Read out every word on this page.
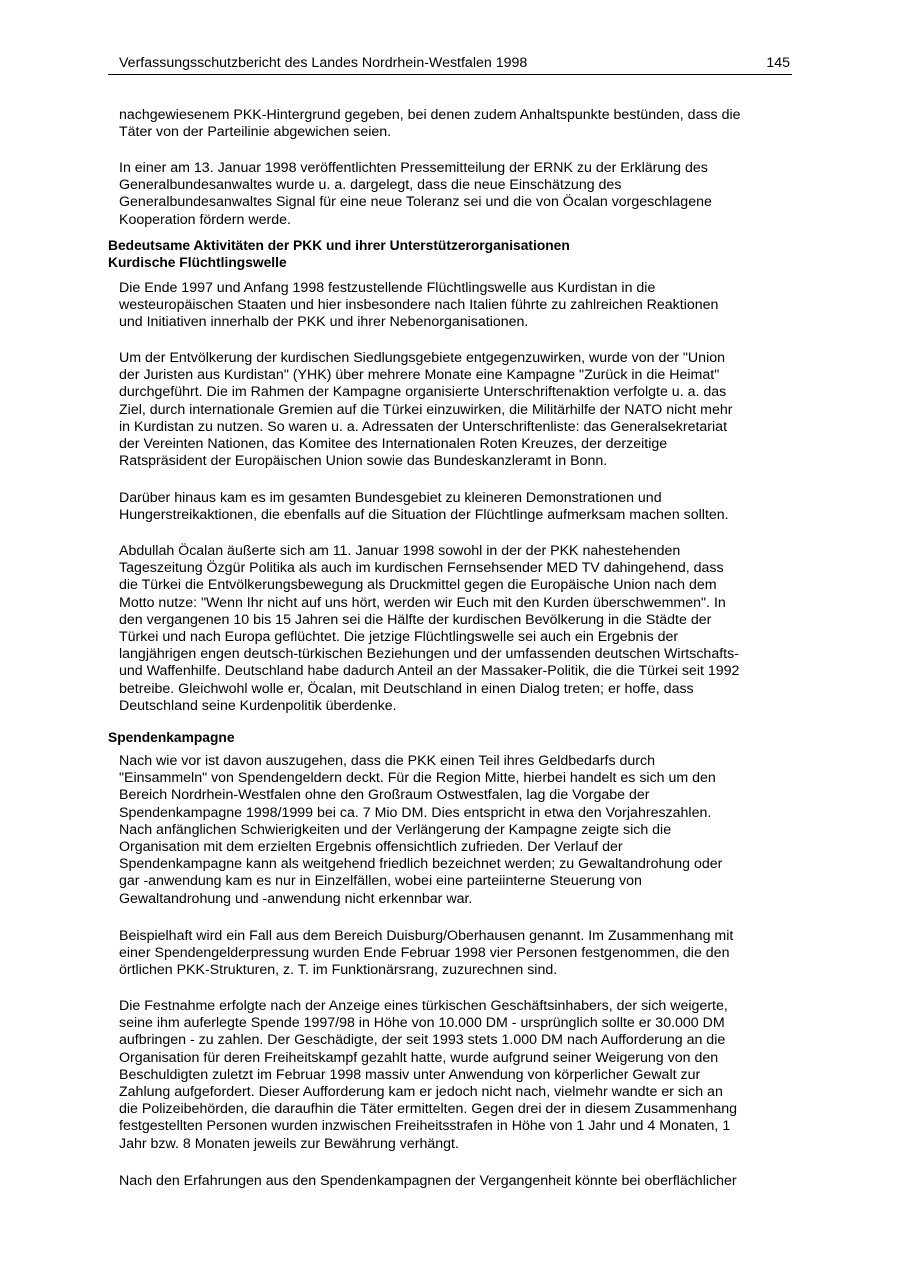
Verfassungsschutzbericht des Landes Nordrhein-Westfalen 1998	145

nachgewiesenem PKK-Hintergrund gegeben, bei denen zudem Anhaltspunkte bestünden, dass die
Täter von der Parteilinie abgewichen seien.

In einer am 13. Januar 1998 veröffentlichten Pressemitteilung der ERNK zu der Erklärung des
Generalbundesanwaltes wurde u. a. dargelegt, dass die neue Einschätzung des
Generalbundesanwaltes Signal für eine neue Toleranz sei und die von Öcalan vorgeschlagene
Kooperation fördern werde.

Bedeutsame Aktivitäten der PKK und ihrer Unterstützerorganisationen
Kurdische Flüchtlingswelle

Die Ende 1997 und Anfang 1998 festzustellende Flüchtlingswelle aus Kurdistan in die
westeuropäischen Staaten und hier insbesondere nach Italien führte zu zahlreichen Reaktionen
und Initiativen innerhalb der PKK und ihrer Nebenorganisationen.

Um der Entvölkerung der kurdischen Siedlungsgebiete entgegenzuwirken, wurde von der "Union
der Juristen aus Kurdistan" (YHK) über mehrere Monate eine Kampagne "Zurück in die Heimat"
durchgeführt. Die im Rahmen der Kampagne organisierte Unterschriftenaktion verfolgte u. a. das
Ziel, durch internationale Gremien auf die Türkei einzuwirken, die Militärhilfe der NATO nicht mehr
in Kurdistan zu nutzen. So waren u. a. Adressaten der Unterschriftenliste: das Generalsekretariat
der Vereinten Nationen, das Komitee des Internationalen Roten Kreuzes, der derzeitige
Ratspräsident der Europäischen Union sowie das Bundeskanzleramt in Bonn.

Darüber hinaus kam es im gesamten Bundesgebiet zu kleineren Demonstrationen und
Hungerstreikaktionen, die ebenfalls auf die Situation der Flüchtlinge aufmerksam machen sollten.

Abdullah Öcalan äußerte sich am 11. Januar 1998 sowohl in der der PKK nahestehenden
Tageszeitung Özgür Politika als auch im kurdischen Fernsehsender MED TV dahingehend, dass
die Türkei die Entvölkerungsbewegung als Druckmittel gegen die Europäische Union nach dem
Motto nutze: "Wenn Ihr nicht auf uns hört, werden wir Euch mit den Kurden überschwemmen". In
den vergangenen 10 bis 15 Jahren sei die Hälfte der kurdischen Bevölkerung in die Städte der
Türkei und nach Europa geflüchtet. Die jetzige Flüchtlingswelle sei auch ein Ergebnis der
langjährigen engen deutsch-türkischen Beziehungen und der umfassenden deutschen Wirtschafts-
und Waffenhilfe. Deutschland habe dadurch Anteil an der Massaker-Politik, die die Türkei seit 1992
betreibe. Gleichwohl wolle er, Öcalan, mit Deutschland in einen Dialog treten; er hoffe, dass
Deutschland seine Kurdenpolitik überdenke.

Spendenkampagne

Nach wie vor ist davon auszugehen, dass die PKK einen Teil ihres Geldbedarfs durch
"Einsammeln" von Spendengeldern deckt. Für die Region Mitte, hierbei handelt es sich um den
Bereich Nordrhein-Westfalen ohne den Großraum Ostwestfalen, lag die Vorgabe der
Spendenkampagne 1998/1999 bei ca. 7 Mio DM. Dies entspricht in etwa den Vorjahreszahlen.
Nach anfänglichen Schwierigkeiten und der Verlängerung der Kampagne zeigte sich die
Organisation mit dem erzielten Ergebnis offensichtlich zufrieden. Der Verlauf der
Spendenkampagne kann als weitgehend friedlich bezeichnet werden; zu Gewaltandrohung oder
gar -anwendung kam es nur in Einzelfällen, wobei eine parteiinterne Steuerung von
Gewaltandrohung und -anwendung nicht erkennbar war.

Beispielhaft wird ein Fall aus dem Bereich Duisburg/Oberhausen genannt. Im Zusammenhang mit
einer Spendengelderpressung wurden Ende Februar 1998 vier Personen festgenommen, die den
örtlichen PKK-Strukturen, z. T. im Funktionärsrang, zuzurechnen sind.

Die Festnahme erfolgte nach der Anzeige eines türkischen Geschäftsinhabers, der sich weigerte,
seine ihm auferlegte Spende 1997/98 in Höhe von 10.000 DM - ursprünglich sollte er 30.000 DM
aufbringen - zu zahlen. Der Geschädigte, der seit 1993 stets 1.000 DM nach Aufforderung an die
Organisation für deren Freiheitskampf gezahlt hatte, wurde aufgrund seiner Weigerung von den
Beschuldigten zuletzt im Februar 1998 massiv unter Anwendung von körperlicher Gewalt zur
Zahlung aufgefordert. Dieser Aufforderung kam er jedoch nicht nach, vielmehr wandte er sich an
die Polizeibehörden, die daraufhin die Täter ermittelten. Gegen drei der in diesem Zusammenhang
festgestellten Personen wurden inzwischen Freiheitsstrafen in Höhe von 1 Jahr und 4 Monaten, 1
Jahr bzw. 8 Monaten jeweils zur Bewährung verhängt.

Nach den Erfahrungen aus den Spendenkampagnen der Vergangenheit könnte bei oberflächlicher
